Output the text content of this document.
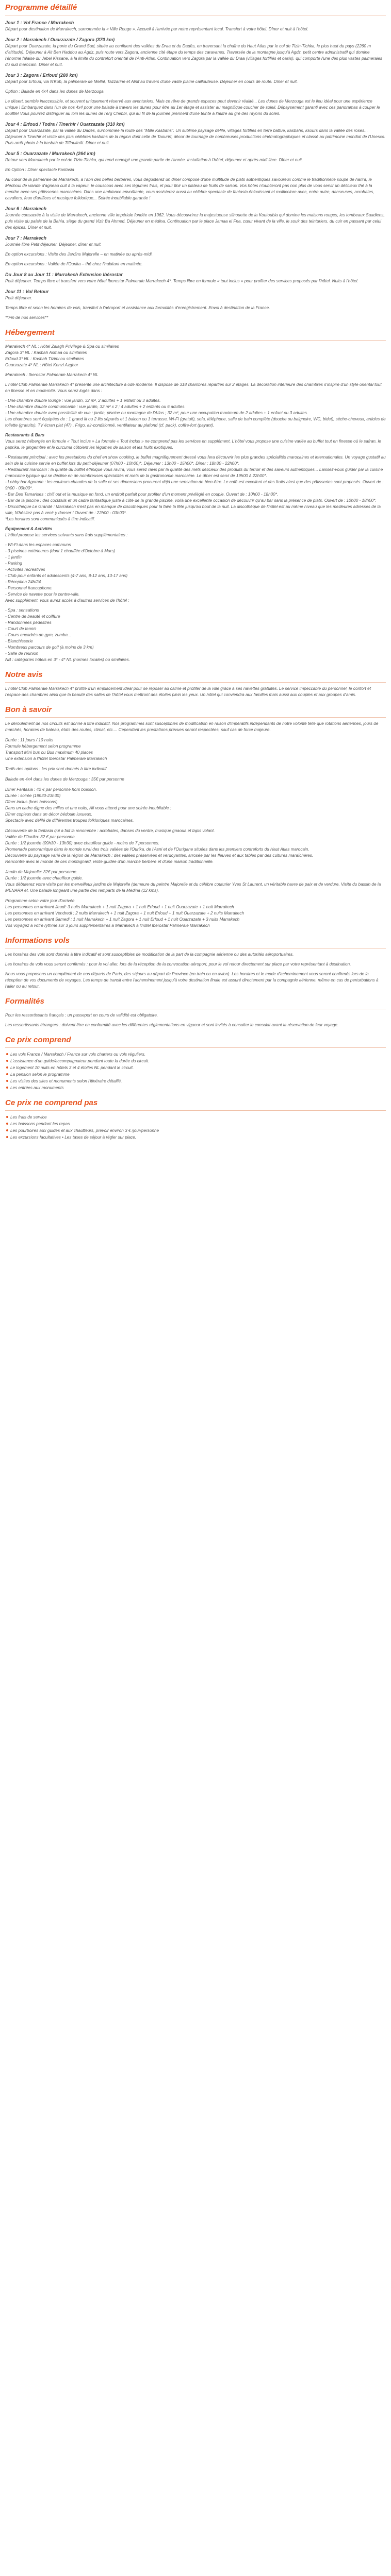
Programme détaillé
Jour 1 : Vol France / Marrakech

Départ pour destination de Marrakech, surnommée la « Ville Rouge ». Accueil à l'arrivée par notre représentant local. Transfert à votre hôtel. Dîner et nuit à l'hôtel.

Jour 2 : Marrakech / Ouarzazate / Zagora (370 km)

Départ pour Ouarzazate, la porte du Grand Sud, située au confluent des vallées du Draa et du Dadès, en traversant la chaîne du Haut Atlas par le col de Tizin-Tichka, le plus haut du pays (2260 m d'altitude). Déjeuner à Ait Ben Haddou au Agdz, puis route vers Zagora, ancienne cité étape du temps des caravanes. Traversée de la montagne jusqu'à Agdz, petit centre administratif qui domine l'énorme falaise du Jebel Kissane, à la limite du contrefort oriental de l'Anti-Atlas. Continuation vers Zagora par la vallée du Draa (villages fortifiés et oasis), qui comporte l'une des plus vastes palmeraies du sud marocain. Dîner et nuit.

Jour 3 : Zagora / Erfoud (280 km)

Départ pour Erfoud, via N'Kob, la palmeraie de Mellal, Tazzarine et Alnif au travers d'une vaste plaine caillouteuse. Déjeuner en cours de route. Dîner et nuit.

Option : Balade en 4x4 dans les dunes de Merzouga

Le désert, semble inaccessible, et souvent uniquement réservé aux aventuriers. Mais ce rêve de grands espaces peut devenir réalité... Les dunes de Merzouga est le lieu idéal pour une expérience unique ! Embarquez dans l'un de nos 4x4 pour une balade à travers les dunes pour être au 1er étage et assister au magnifique coucher de soleil. Dépaysement garanti avec ces panoramas à couper le souffle! Vous pourrez distinguer au loin les dunes de l'erg Chebbi, qui au fil de la journée prennent d'une teinte à l'autre au gré des rayons du soleil.

Jour 4 : Erfoud / Todra / Tinerhir / Ouarzazate (310 km)

Départ pour Ouarzazate, par la vallée du Dadès, surnommée la route des "Mille Kasbahs". Un sublime paysage défile, villages fortifiés en terre battue, kasbahs, ksours dans la vallée des roses... Déjeuner à Tinerhir et visite des plus célèbres kasbahs de la région dont celle de Taourirt, décor de tournage de nombreuses productions cinématographiques et classé au patrimoine mondial de l'Unesco. Puis arrêt photo à la kasbah de Tiffoultoût. Dîner et nuit.

Jour 5 : Ouarzazate / Marrakech (264 km)

Retour vers Marrakech par le col de Tizin-Tichka, qui rend enneigé une grande partie de l'année. Installation à l'hôtel, déjeuner et après-midi libre. Dîner et nuit.

En Option : Dîner spectacle Fantasia

Au cœur de la palmeraie de Marrakech, à l'abri des belles berbères, vous dégusterez un dîner composé d'une multitude de plats authentiques savoureux comme le traditionnelle soupe de harira, le Méchoui de viande d'agneau cuit à la vapeur, le couscous avec ses légumes frais, et pour finir un plateau de fruits de saison. Vos hôtes n'oublieront pas non plus de vous servir un délicieux thé à la menthe avec ses pâtisseries marocaines. Dans une ambiance envoûtante, vous assisterez aussi au célèbre spectacle de fantasia éblouissant et multicolore avec, entre autre, danseuses, acrobates, cavaliers, feux d'artifices et musique folklorique... Soirée inoubliable garantie !

Jour 6 : Marrakech

Journée consacrée à la visite de Marrakech, ancienne ville impériale fondée en 1062. Vous découvrirez la majestueuse silhouette de la Koutoubia qui domine les maisons rouges, les tombeaux Saadiens, puis visite du palais de la Bahia, siège du grand Vizir Ba Ahmed. Déjeuner en médina. Continuation par le place Jamaa el Fna, cœur vivant de la ville, le souk des teinturiers, du cuir en passant par celui des épices. Dîner et nuit.

Jour 7 : Marrakech

Journée libre Petit déjeuner, Déjeuner, dîner et nuit.

En option excursions : Visite des Jardins Majorelle – en matinée ou après-midi.

En option excursions : Vallée de l'Ourika – thé chez l'habitant en matinée.

Du Jour 8 au Jour 11 : Marrakech Extension Ibérostar

Petit déjeuner. Temps libre et transfert vers votre hôtel Iberostar Palmeraie Marrakech 4*. Temps libre en formule « tout inclus » pour profiter des services proposés par l'hôtel. Nuits à l'hôtel.

Jour 11 : Vol Retour

Petit déjeuner.

Temps libre et selon les horaires de vols, transfert à l'aéroport et assistance aux formalités d'enregistrement. Envol à destination de la France.

**Fin de nos services**

Hébergement
Marrakech 4* NL : Hôtel Zalagh Privilege & Spa ou similaires
Zagora 3* NL : Kasbah Asmaa ou similaires
Erfoud 3* NL : Kasbah Tizimi ou similaires
Ouarzazate 4* NL : Hôtel Kenzi Azghor

Marrakech : Iberostar Palmeraie Marrakech 4* NL

L'hôtel Club Palmeraie Marrakech 4* présente une architecture à ode moderne. Il dispose de 318 chambres réparties sur 2 étages. La décoration intérieure des chambres s'inspire d'un style oriental tout en finesse et en modernité. Vous serez logés dans :

- Une chambre double lounge : vue jardin, 32 m², 2 adultes + 1 enfant ou 3 adultes.
- Une chambre double communicante : vue jardin, 32 m² x 2 ; 4 adultes + 2 enfants ou 6 adultes.
- Une chambre double avec possibilité de vue : jardin, piscine ou montagne de l'Atlas ; 32 m², pour une occupation maximum de 2 adultes + 1 enfant ou 3 adultes.

Les chambres sont équipées de : 1 grand lit ou 2 lits séparés et 1 balcon ou 1 terrasse, Wi-Fi (gratuit), sofa, téléphone, salle de bain complète (douche ou baignoire, WC, bidet), sèche-cheveux, articles de toilette (gratuits), TV écran plat (47) , Frigo, air-conditionné, ventilateur au plafond (cf. pack), coffre-fort (payant).

Restaurants & Bars

Vous serez hébergés en formule « Tout inclus » La formule « Tout inclus » ne comprend pas les services en supplément. L'hôtel vous propose une cuisine variée au buffet tout en finesse où le safran, le paprika, le gingembre et le curcuma côtoient les légumes de saison et les fruits exotiques.

- Restaurant principal : avec les prestations du chef en show cooking, le buffet magnifiquement dressé vous fera découvrir les plus grandes spécialités marocaines et internationales. Un voyage gustatif au sein de la cuisine servie en buffet lors du petit-déjeuner (07h00 - 10h00)*. Déjeuner : 13h00 - 15h00*. Dîner : 18h30 - 22h00*.
- Restaurant marocain : la qualité du buffet éthnique vous ravira, vous serez ravis par la qualité des mets délicieux des produits du terroir et des saveurs authentiques... Laissez-vous guider par la cuisine marocaine typique qui se décline en de nombreuses spécialités et mets de la gastronomie marocaine. Le dîner est servi de 19h00 à 22h00*.
- Lobby bar Agorane : les couleurs chaudes de la salle et ses dimensions procurent déjà une sensation de bien-être. Le café est excellent et des fruits ainsi que des pâtisseries sont proposés. Ouvert de : 9h00 - 00h00*.
- Bar Des Tamarises : chill out et la musique en fond, un endroit parfait pour profiter d'un moment privilégié en couple. Ouvert de : 10h00 - 18h00*.
- Bar de la piscine : des cocktails et un cadre fantastique juste à côté de la grande piscine, voilà une excellente occasion de découvrir qu'au bar sans la présence de plats. Ouvert de : 10h00 - 18h00*.
- Discothèque Le Grandé : Marrakech n'est pas en manque de discothèques pour la faire la fête jusqu'au bout de la nuit. La discothèque de l'hôtel est au même niveau que les meilleures adresses de la ville, N'hésitez pas à venir y danser ! Ouvert de : 22h00 - 03h00*.

*Les horaires sont communiqués à titre indicatif.

Équipement & Activités

L'hôtel propose les services suivants sans frais supplémentaires :

- Wi-Fi dans les espaces communs
- 3 piscines extérieures (dont 1 chauffée d'Octobre à Mars)
- 1 jardin
- Parking
- Activités récréatives
- Club pour enfants et adolescents (4-7 ans, 8-12 ans, 13-17 ans)
- Réception 24h/24
- Personnel francophone.
- Service de navette pour le centre-ville.

Avec supplément, vous aurez accès à d'autres services de l'hôtel :

- Spa : sensations
- Centre de beauté et coiffure
- Randonnées pédestres
- Court de tennis
- Cours encadrés de gym, zumba...
- Blanchisserie
- Nombreux parcours de golf (à moins de 3 km)
- Salle de réunion

NB : catégories hôtels en 3* - 4* NL (normes locales) ou similaires.

Notre avis

L'hôtel Club Palmeraie Marrakech 4* profite d'un emplacement idéal pour se reposer au calme et profiter de la ville grâce à ses navettes gratuites. Le service impeccable du personnel, le confort et l'espace des chambres ainsi que la beauté des salles de l'hôtel vous mettront des étoiles plein les yeux. Un hôtel qui conviendra aux familles mais aussi aux couples et aux groupes d'amis.

Bon à savoir
Le déroulement de nos circuits est donné à titre indicatif. Nos programmes sont susceptibles de modification en raison d'impératifs indépendants de notre volonté telle que rotations aériennes, jours de marchés, horaires de bateau, états des routes, climat, etc.... Cependant les prestations prévues seront respectées, sauf cas de force majeure.
Durée : 11 jours / 10 nuits
Formule hébergement selon programme
Transport Mini bus ou Bus maximum 40 places
Une extension à l'hôtel Iberostar Palmeraie Marrakech
Tarifs des options : les prix sont donnés à titre indicatif
Balade en 4x4 dans les dunes de Merzouga : 35€ par personne
Dîner Fantasia : 42 € par personne hors boisson.
Durée : soirée (19h30-23h30)
Dîner inclus (hors boissons)
Dans un cadre digne des milles et une nuits, Ali vous attend pour une soirée inoubliable :
Dîner copieux dans un décor bédouin luxueux.
Spectacle avec défilé de différentes troupes folkloriques marocaines.
Découverte de la fantasia qui a fait la renommée : acrobates, danses du ventre, musique gnaoua et tapis volant.
Vallée de l'Ourika: 32 € par personne.
Durée : 1/2 journée (09h30 - 13h30) avec chauffeur guide - moins de 7 personnes.
Promenade panoramique dans le monde rural des trois vallées de l'Ourika, de l'Asni et de l'Ourigane situées dans les premiers contreforts du Haut Atlas marocain.
Découverte du paysage varié de la région de Marrakech : des vallées préservées et verdoyantes, arrosée par les fleuves et aux tables par des cultures maraîchères.
Rencontre avec le monde de ces montagnard, visite guidée d'un marché berbère et d'une maison traditionnelle.
Jardin de Majorelle: 32€ par personne.
Durée : 1/2 journée avec chauffeur guide.
Vous débuterez votre visite par les merveilleux jardins de Majorelle (demeure du peintre Majorelle et du célèbre couturier Yves St Laurent, un véritable havre de paix et de verdure. Visite du bassin de la MENARA et. Une balade longeant une partie des remparts de la Médina (12 kms).
Programme selon votre jour d'arrivée
Les personnes en arrivant Jeudi: 3 nuits Marrakech + 1 nuit Zagora + 1 nuit Erfoud + 1 nuit Ouarzazate + 1 nuit Marrakech
Les personnes en arrivant Vendredi : 2 nuits Marrakech + 1 nuit Zagora + 1 nuit Erfoud + 1 nuit Ouarzazate + 2 nuits Marrakech
Les personnes en arrivant Samedi : 1 nuit Marrakech + 1 nuit Zagora + 1 nuit Erfoud + 1 nuit Ouarzazate + 3 nuits Marrakech
Vos voyagez à votre rythme sur 3 jours supplémentaires à Marrakech à l'hôtel Iberostar Palmeraie Marrakech
Informations vols

Les horaires des vols sont donnés à titre indicatif et sont susceptibles de modification de la part de la compagnie aérienne ou des autorités aéroportuaires.

Les horaires de vols vous seront confirmés ; pour le vol aller, lors de la réception de la convocation aéroport, pour le vol retour directement sur place par votre représentant à destination.

Nous vous proposons un complément de nos départs de Paris, des séjours au départ de Province (en train ou en avion). Les horaires et le mode d'acheminement vous seront confirmés lors de la réception de vos documents de voyages. Les temps de transit entre l'acheminement jusqu'à votre destination finale est assuré directement par la compagnie aérienne, même en cas de perturbations à l'aller ou au retour.

Formalités

Pour les ressortissants français : un passeport en cours de validité est obligatoire.

Les ressortissants étrangers : doivent être en conformité avec les différentes réglementations en vigueur et sont invités à consulter le consulat avant la réservation de leur voyage.

Ce prix comprend
Les vols France / Marrakech / France sur vols charters ou vols réguliers.
L'assistance d'un guide/accompagnateur pendant toute la durée du circuit.
Le logement 10 nuits en hôtels 3 et 4 étoiles NL pendant le circuit.
La pension selon le programme
Les visites des sites et monuments selon l'itinéraire détaillé.
Les entrées aux monuments
Ce prix ne comprend pas
Les frais de service
Les boissons pendant les repas
Les pourboires aux guides et aux chauffeurs, prévoir environ 3 € /jour/personne
Les excursions facultatives • Les taxes de séjour à régler sur place.
